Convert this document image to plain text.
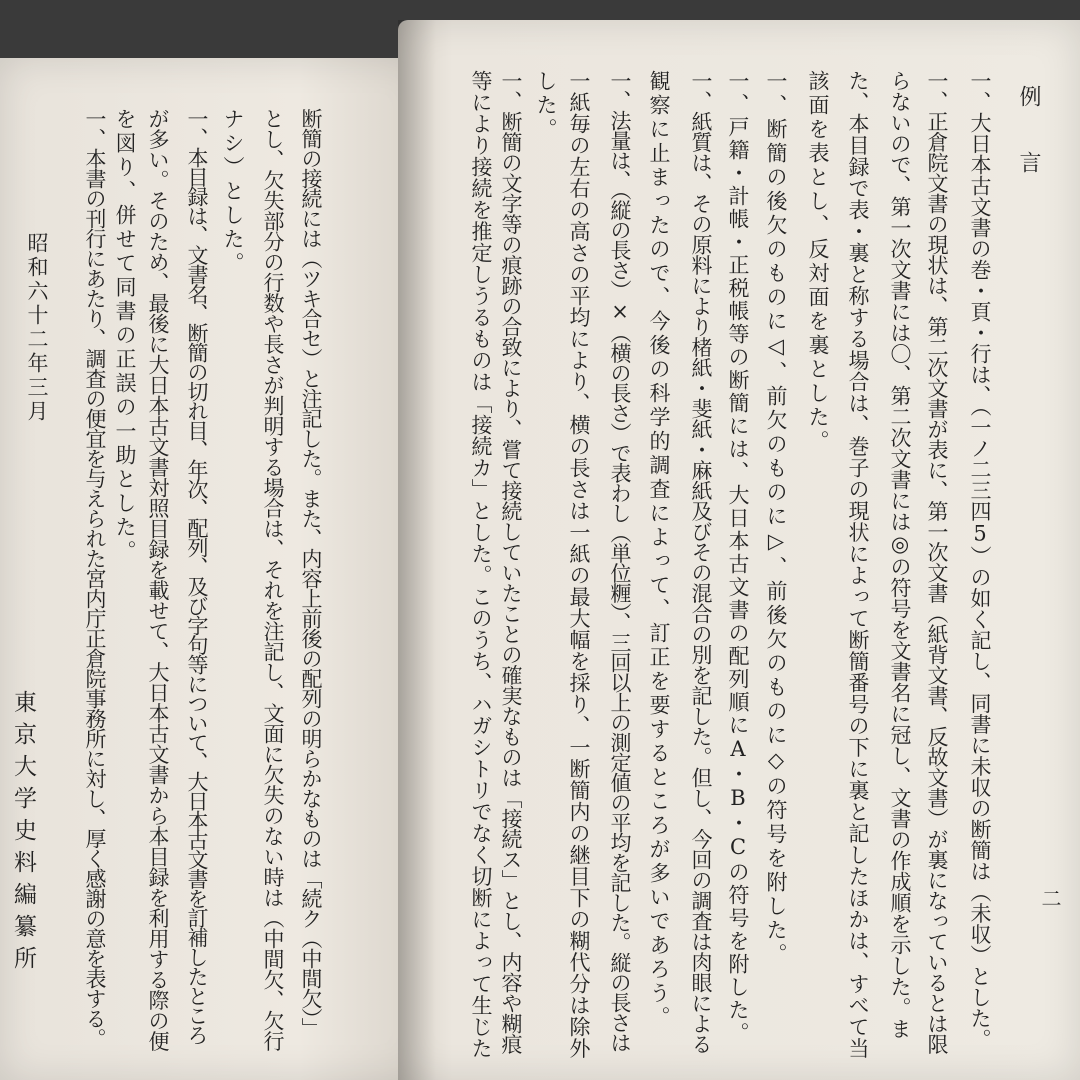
例言
二
一、大日本古文書の巻・頁・行は、（一ノ二三四5）の如く記し、同書に未収の断簡は（未収）とした。
一、正倉院文書の現状は、第二次文書が表に、第一次文書（紙背文書、反故文書）が裏になっているとは限
らないので、第一次文書には〇、第二次文書には◎の符号を文書名に冠し、文書の作成順を示した。ま
た、本目録で表・裏と称する場合は、巻子の現状によって断簡番号の下に裏と記したほかは、すべて当
該面を表とし、反対面を裏とした。
一、断簡の後欠のものに◁、前欠のものに▷、前後欠のものに◇の符号を附した。
一、戸籍・計帳・正税帳等の断簡には、大日本古文書の配列順にA・B・Cの符号を附した。
一、紙質は、その原料により楮紙・斐紙・麻紙及びその混合の別を記した。但し、今回の調査は肉眼による
観察に止まったので、今後の科学的調査によって、訂正を要するところが多いであろう。
一、法量は、（縦の長さ）×（横の長さ）で表わし（単位糎）、三回以上の測定値の平均を記した。縦の長さは
一紙毎の左右の高さの平均により、横の長さは一紙の最大幅を採り、一断簡内の継目下の糊代分は除外
した。
一、断簡の文字等の痕跡の合致により、嘗て接続していたことの確実なものは「接続ス」とし、内容や糊痕
等により接続を推定しうるものは「接続カ」とした。このうち、ハガシトリでなく切断によって生じた
断簡の接続には（ツキ合セ）と注記した。また、内容上前後の配列の明らかなものは「続ク（中間欠）」
とし、欠失部分の行数や長さが判明する場合は、それを注記し、文面に欠失のない時は（中間欠、欠行
ナシ）とした。
一、本目録は、文書名、断簡の切れ目、年次、配列、及び字句等について、大日本古文書を訂補したところ
が多い。そのため、最後に大日本古文書対照目録を載せて、大日本古文書から本目録を利用する際の便
を図り、併せて同書の正誤の一助とした。
一、本書の刊行にあたり、調査の便宜を与えられた宮内庁正倉院事務所に対し、厚く感謝の意を表する。
昭和六十二年三月
東京大学史料編纂所
